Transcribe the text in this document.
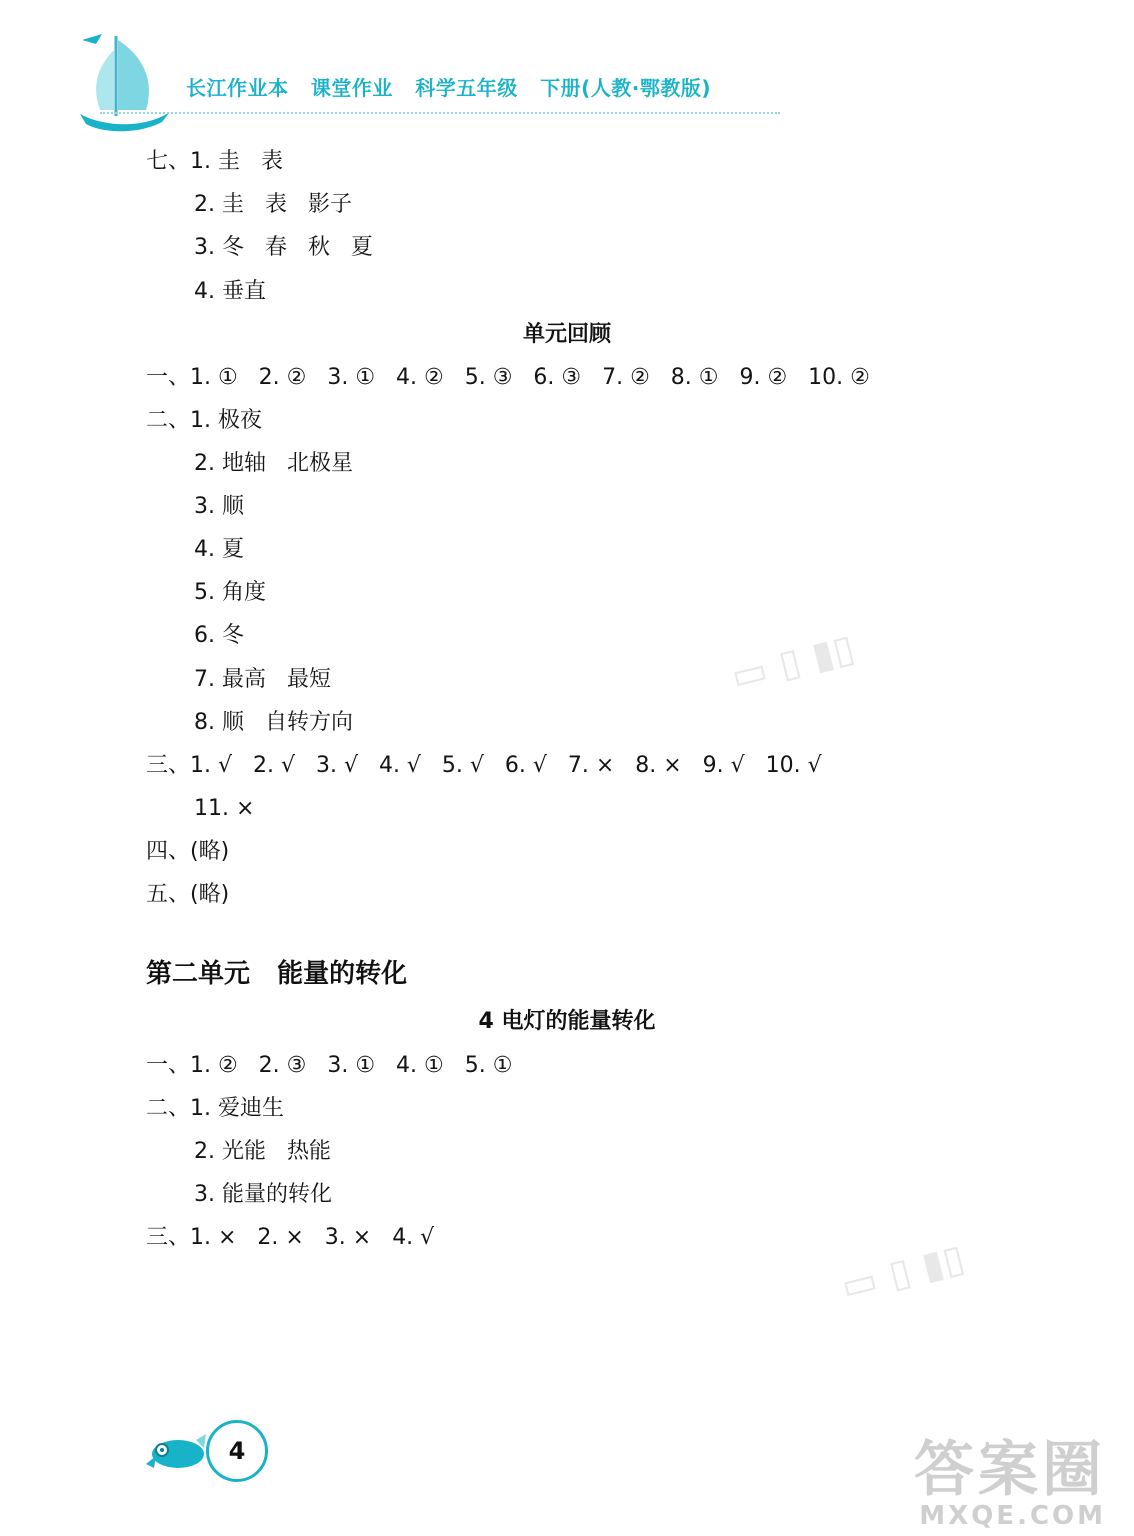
长江作业本   课堂作业   科学五年级   下册(人教·鄂教版)
七、1. 圭   表
2. 圭   表   影子
3. 冬   春   秋   夏
4. 垂直
单元回顾
一、1. ①   2. ②   3. ①   4. ②   5. ③   6. ③   7. ②   8. ①   9. ②   10. ②
二、1. 极夜
2. 地轴   北极星
3. 顺
4. 夏
5. 角度
6. 冬
7. 最高   最短
8. 顺   自转方向
三、1. √   2. √   3. √   4. √   5. √   6. √   7. ×   8. ×   9. √   10. √
11. ×
四、(略)
五、(略)
第二单元   能量的转化
4 电灯的能量转化
一、1. ②   2. ③   3. ①   4. ①   5. ①
二、1. 爱迪生
2. 光能   热能
3. 能量的转化
三、1. ×   2. ×   3. ×   4. √
▭ ▯ ▮▯
▭ ▯ ▮▯
4	答案圈
MXQE.COM
